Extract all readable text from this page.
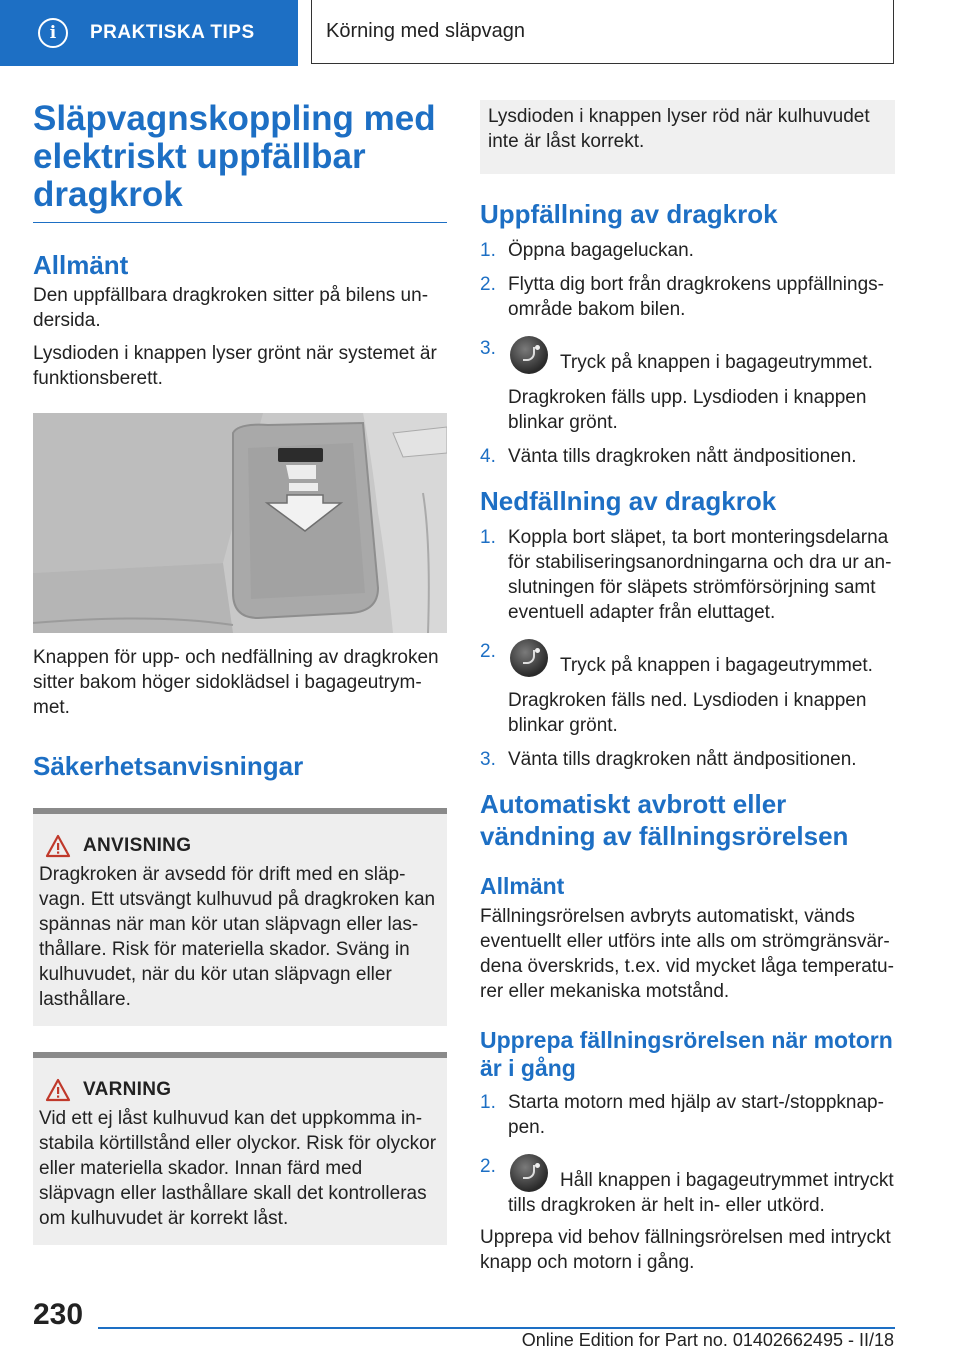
i	PRAKTISKA TIPS	Körning med släpvagn
Släpvagnskoppling med elektriskt uppfällbar dragkrok
Allmänt

Den uppfällbara dragkroken sitter på bilens undersida.

Lysdioden i knappen lyser grönt när systemet är funktionsberett.

Knappen för upp- och nedfällning av dragkroken sitter bakom höger sidoklädsel i bagageutrymmet.

Säkerhetsanvisningar
ANVISNING

Dragkroken är avsedd för drift med en släpvagn. Ett utsvängt kulhuvud på dragkroken kan spännas när man kör utan släpvagn eller lasthållare. Risk för materiella skador. Sväng in kulhuvudet, när du kör utan släpvagn eller lasthållare.

VARNING

Vid ett ej låst kulhuvud kan det uppkomma instabila körtillstånd eller olyckor. Risk för olyckor eller materiella skador. Innan färd med släpvagn eller lasthållare skall det kontrolleras om kulhuvudet är korrekt låst.

Lysdioden i knappen lyser röd när kulhuvudet inte är låst korrekt.

Uppfällning av dragkrok
1. Öppna bagageluckan.

2. Flytta dig bort från dragkrokens uppfällningsområde bakom bilen.

3.

Tryck på knappen i bagageutrymmet.

Dragkroken fälls upp. Lysdioden i knappen blinkar grönt.

4. Vänta tills dragkroken nått ändpositionen.

Nedfällning av dragkrok
1. Koppla bort släpet, ta bort monteringsdelarna för stabiliseringsanordningarna och dra ur anslutningen för släpets strömförsörjning samt eventuell adapter från eluttaget.

2.

Tryck på knappen i bagageutrymmet.

Dragkroken fälls ned. Lysdioden i knappen blinkar grönt.

3. Vänta tills dragkroken nått ändpositionen.

Automatiskt avbrott eller vändning av fällningsrörelsen
Allmänt

Fällningsrörelsen avbryts automatiskt, vänds eventuellt eller utförs inte alls om strömgränsvärdena överskrids, t.ex. vid mycket låga temperaturer eller mekaniska motstånd.

Upprepa fällningsrörelsen när motorn är i gång
1. Starta motorn med hjälp av start-/stoppknappen.

2.

Håll knappen i bagageutrymmet intryckt tills dragkroken är helt in- eller utkörd.

Upprepa vid behov fällningsrörelsen med intryckt knapp och motorn i gång.

230
Online Edition for Part no. 01402662495 - II/18
